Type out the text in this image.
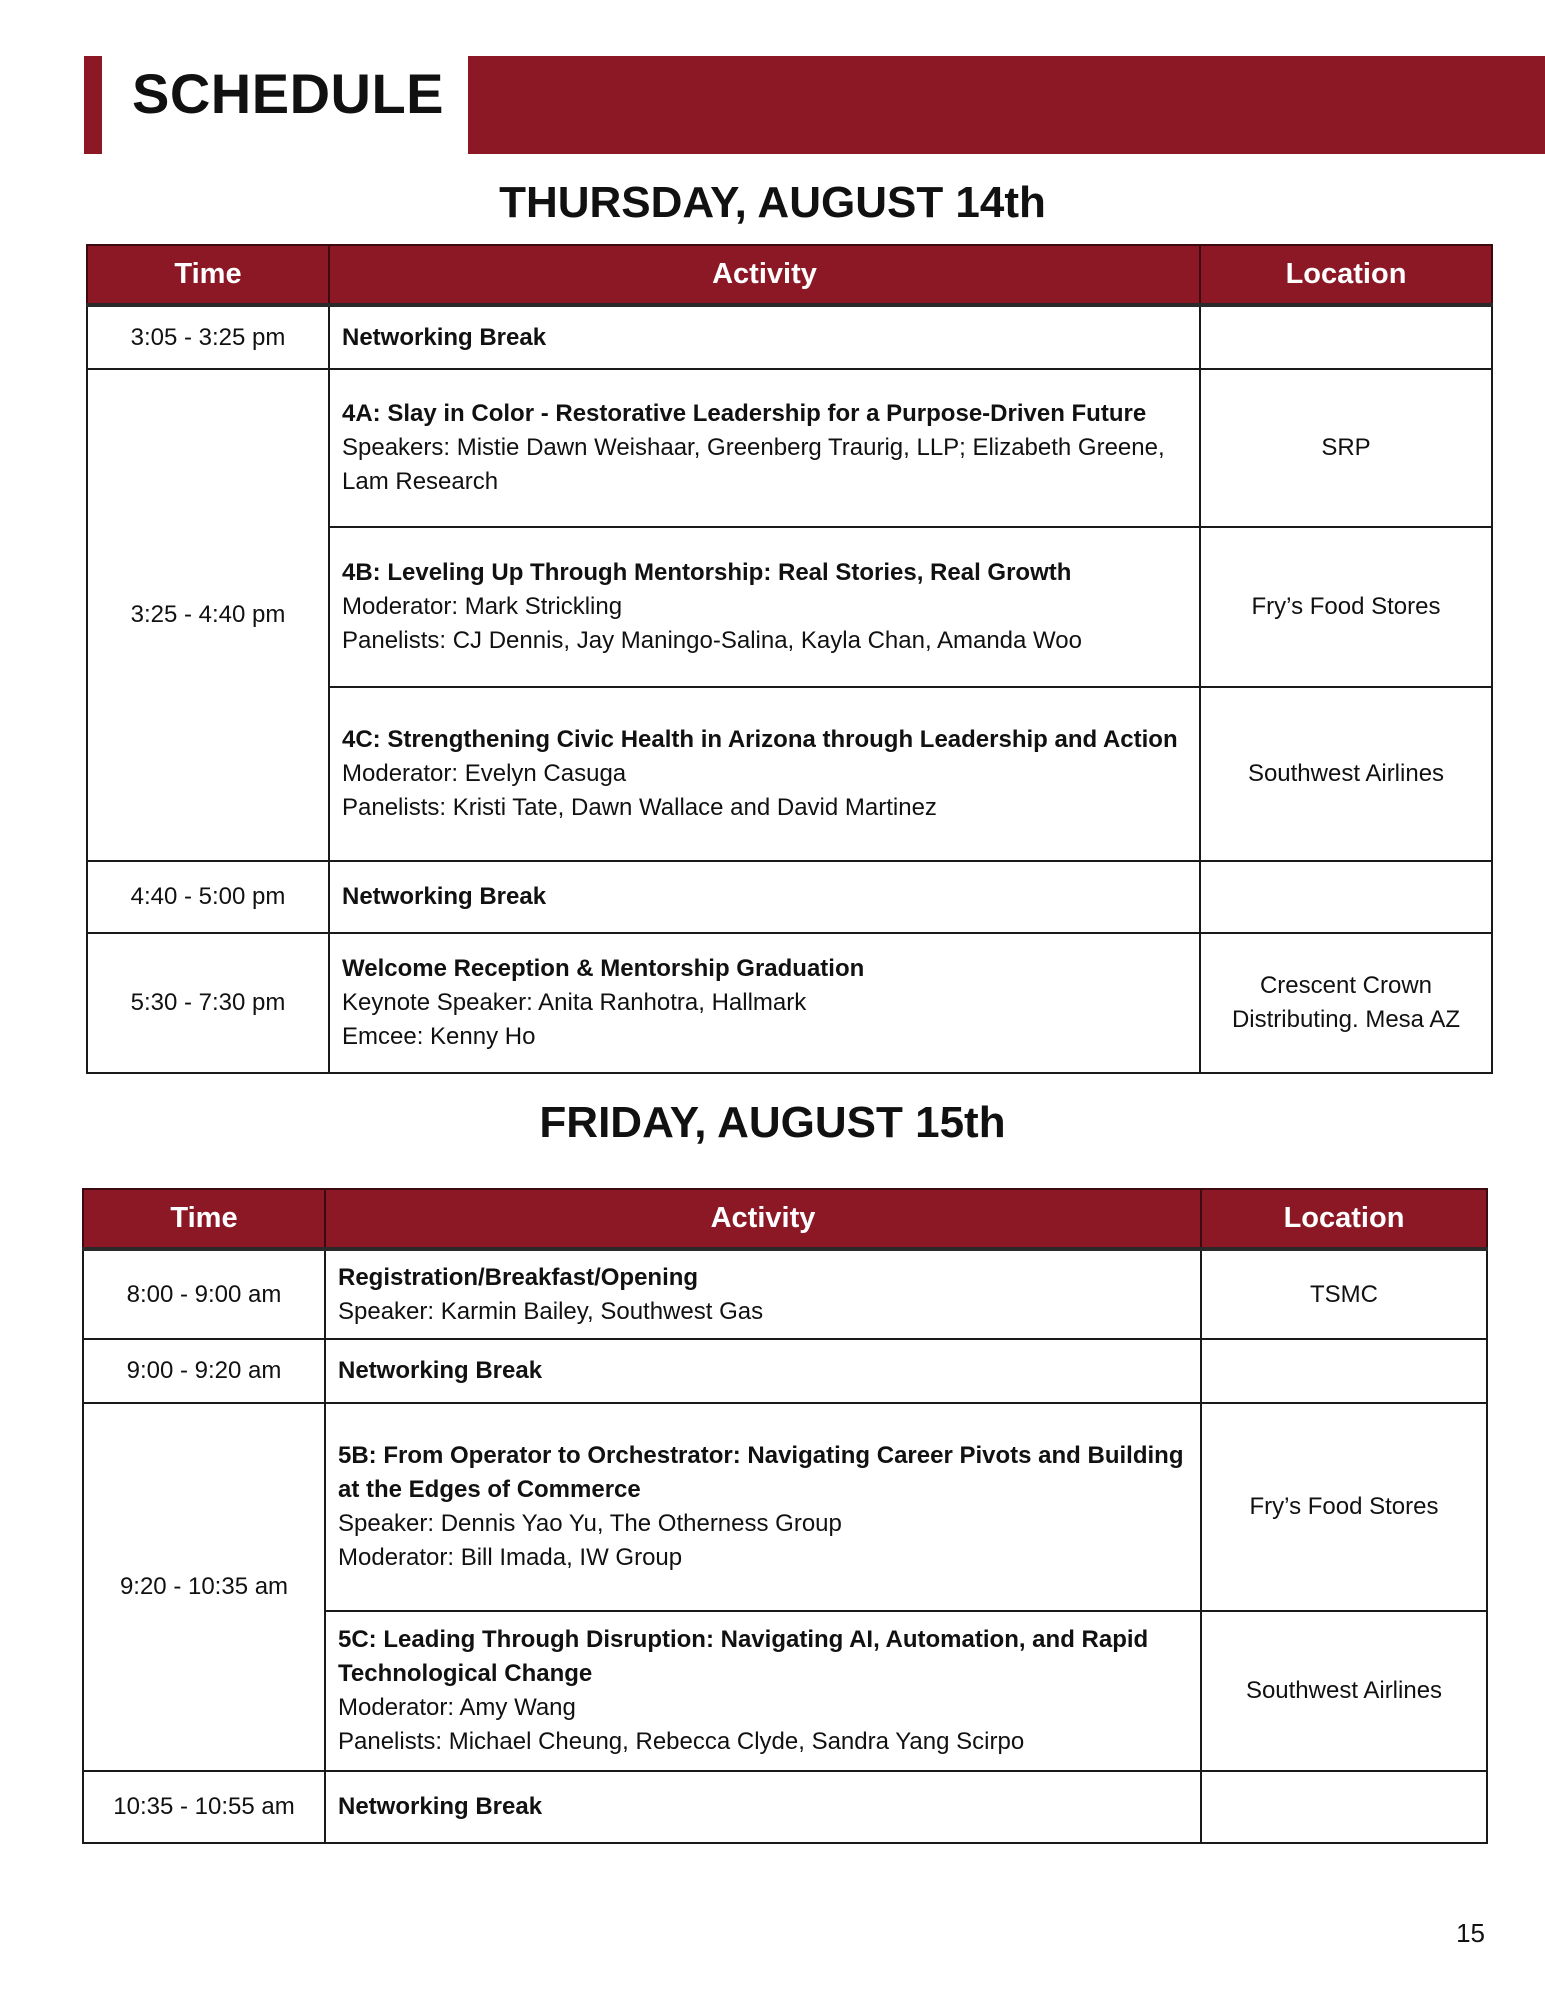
SCHEDULE
THURSDAY, AUGUST 14th
Time	Activity	Location
3:05 - 3:25 pm	Networking Break	

3:25 - 4:40 pm	4A: Slay in Color - Restorative Leadership for a Purpose-Driven Future
Speakers: Mistie Dawn Weishaar, Greenberg Traurig, LLP; Elizabeth Greene, Lam Research	SRP

	4B: Leveling Up Through Mentorship: Real Stories, Real Growth
Moderator: Mark Strickling
Panelists: CJ Dennis, Jay Maningo-Salina, Kayla Chan, Amanda Woo	Fry’s Food Stores

	4C: Strengthening Civic Health in Arizona through Leadership and Action
Moderator: Evelyn Casuga
Panelists: Kristi Tate, Dawn Wallace and David Martinez	Southwest Airlines
4:40 - 5:00 pm	Networking Break	

5:30 - 7:30 pm	Welcome Reception & Mentorship Graduation
Keynote Speaker: Anita Ranhotra, Hallmark
Emcee: Kenny Ho	Crescent Crown Distributing. Mesa AZ
FRIDAY, AUGUST 15th
Time	Activity	Location
8:00 - 9:00 am	Registration/Breakfast/Opening
Speaker: Karmin Bailey, Southwest Gas	TSMC
9:00 - 9:20 am	Networking Break	

9:20 - 10:35 am	5B: From Operator to Orchestrator: Navigating Career Pivots and Building at the Edges of Commerce
Speaker: Dennis Yao Yu, The Otherness Group
Moderator: Bill Imada, IW Group	Fry’s Food Stores

	5C: Leading Through Disruption: Navigating AI, Automation, and Rapid Technological Change
Moderator: Amy Wang
Panelists: Michael Cheung, Rebecca Clyde, Sandra Yang Scirpo	Southwest Airlines
10:35 - 10:55 am	Networking Break	

15
